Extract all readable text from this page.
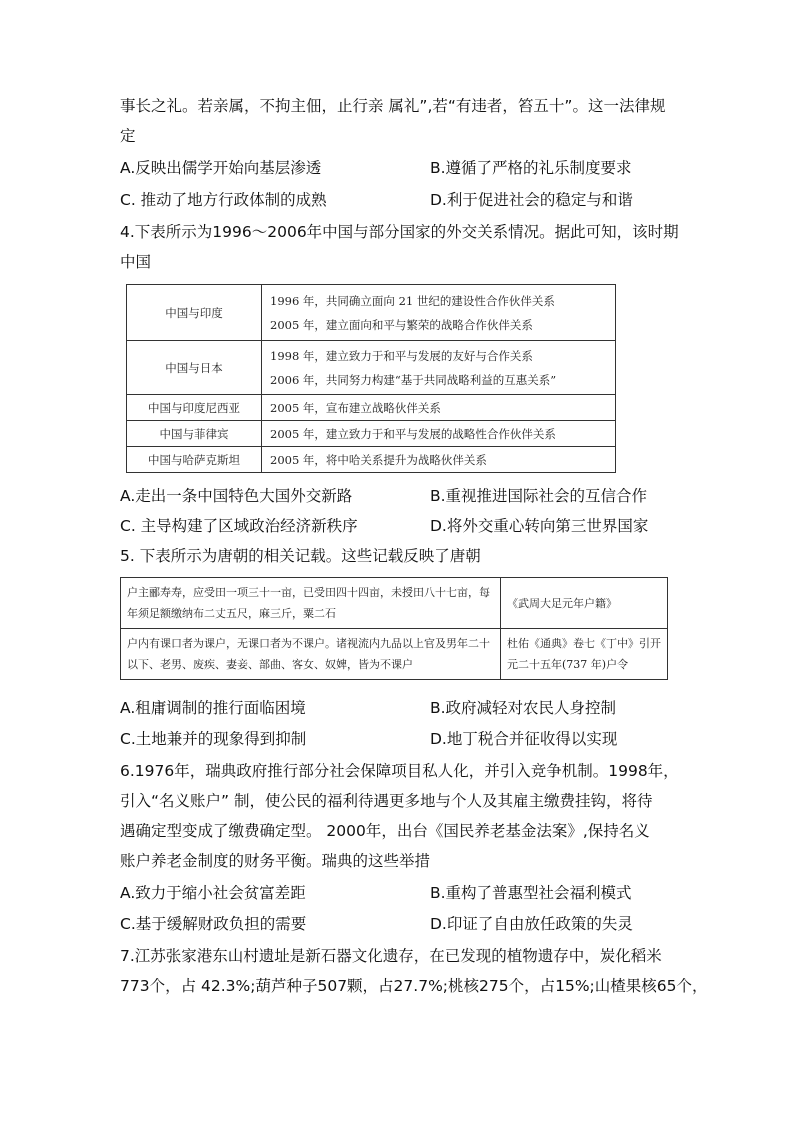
事长之礼。若亲属，不拘主佃，止行亲 属礼”,若“有违者，笞五十”。这一法律规
定
A.反映出儒学开始向基层渗透	B.遵循了严格的礼乐制度要求
C. 推动了地方行政体制的成熟	D.利于促进社会的稳定与和谐
4.下表所示为1996～2006年中国与部分国家的外交关系情况。据此可知，该时期
中国
中国与印度	1996 年，共同确立面向 21 世纪的建设性合作伙伴关系
2005 年，建立面向和平与繁荣的战略合作伙伴关系

中国与日本	1998 年，建立致力于和平与发展的友好与合作关系
2006 年，共同努力构建“基于共同战略利益的互惠关系”

中国与印度尼西亚	2005 年，宣布建立战略伙伴关系
中国与菲律宾	2005 年，建立致力于和平与发展的战略性合作伙伴关系
中国与哈萨克斯坦	2005 年，将中哈关系提升为战略伙伴关系
A.走出一条中国特色大国外交新路	B.重视推进国际社会的互信合作
C. 主导构建了区域政治经济新秩序	D.将外交重心转向第三世界国家
5. 下表所示为唐朝的相关记载。这些记载反映了唐朝
户主郦寿寿，应受田一项三十一亩，已受田四十四亩，未授田八十七亩，每年须足额缴纳布二丈五尺，麻三斤，粟二石	《武周大足元年户籍》
户内有课口者为课户，无课口者为不课户。诸视流内九品以上官及男年二十以下、老男、废疾、妻妾、部曲、客女、奴婢，皆为不课户	杜佑《通典》卷七《丁中》引开元二十五年(737 年)户令
A.租庸调制的推行面临困境	B.政府减轻对农民人身控制
C.土地兼并的现象得到抑制	D.地丁税合并征收得以实现
6.1976年，瑞典政府推行部分社会保障项目私人化，并引入竞争机制。1998年，
引入“名义账户” 制，使公民的福利待遇更多地与个人及其雇主缴费挂钩，将待
遇确定型变成了缴费确定型。 2000年，出台《国民养老基金法案》,保持名义
账户养老金制度的财务平衡。瑞典的这些举措
A.致力于缩小社会贫富差距	B.重构了普惠型社会福利模式
C.基于缓解财政负担的需要	D.印证了自由放任政策的失灵
7.江苏张家港东山村遗址是新石器文化遗存，在已发现的植物遗存中，炭化稻米
773个，占 42.3%;葫芦种子507颗，占27.7%;桃核275个，占15%;山楂果核65个，
